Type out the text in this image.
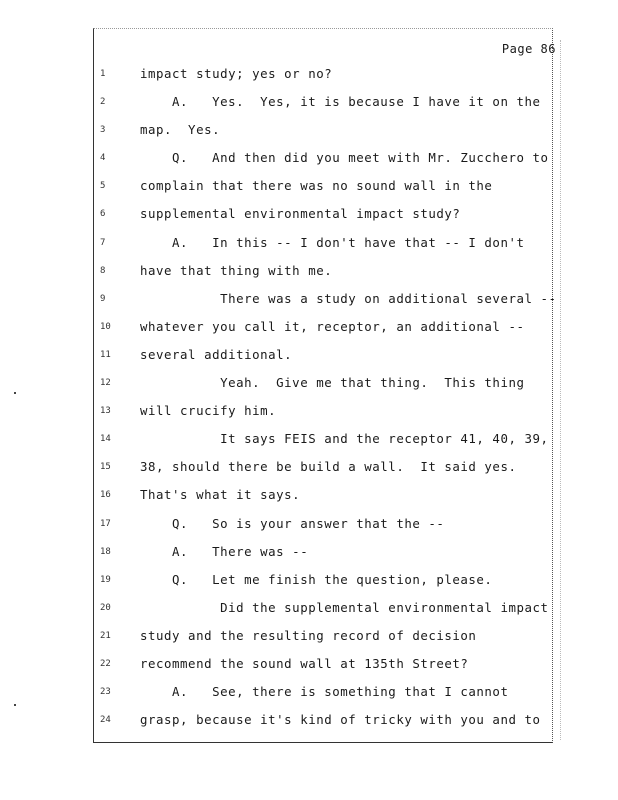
Page 86
1	impact study; yes or no?
2	A.   Yes.  Yes, it is because I have it on the
3	map.  Yes.
4	Q.   And then did you meet with Mr. Zucchero to
5	complain that there was no sound wall in the
6	supplemental environmental impact study?
7	A.   In this -- I don't have that -- I don't
8	have that thing with me.
9	There was a study on additional several --
10	whatever you call it, receptor, an additional --
11	several additional.
12	Yeah.  Give me that thing.  This thing
13	will crucify him.
14	It says FEIS and the receptor 41, 40, 39,
15	38, should there be build a wall.  It said yes.
16	That's what it says.
17	Q.   So is your answer that the --
18	A.   There was --
19	Q.   Let me finish the question, please.
20	Did the supplemental environmental impact
21	study and the resulting record of decision
22	recommend the sound wall at 135th Street?
23	A.   See, there is something that I cannot
24	grasp, because it's kind of tricky with you and to
